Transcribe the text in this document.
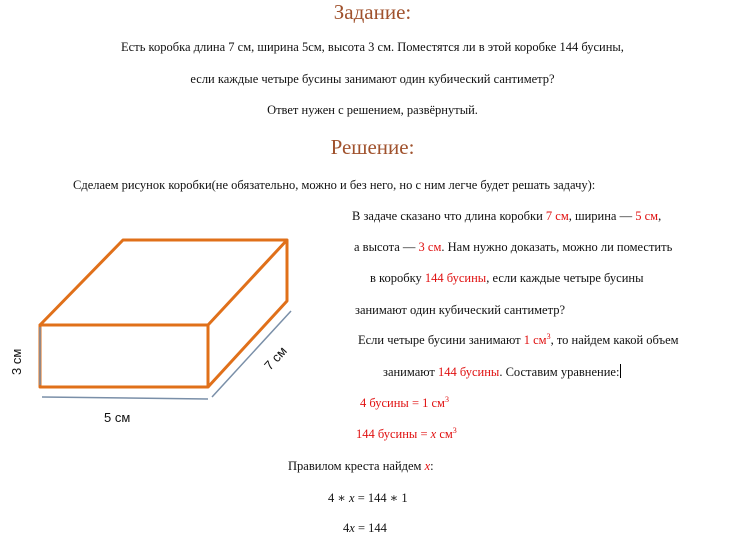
Задание:
Есть коробка длина 7 см, ширина 5см, высота 3 см. Поместятся ли в этой коробке 144 бусины,
если каждые четыре бусины занимают один кубический сантиметр?
Ответ нужен с решением, развёрнутый.
Решение:
Сделаем рисунок коробки(не обязательно, можно и без него, но с ним легче будет решать задачу):
3 см
5 см
7 см
В задаче сказано что длина коробки 7 см, ширина — 5 см,
а высота — 3 см. Нам нужно доказать, можно ли поместить
в коробку 144 бусины, если каждые четыре бусины
занимают один кубический сантиметр?
Если четыре бусини занимают 1 $см^3$, то найдем какой объем
занимают 144 бусины. Составим уравнение:
4 бусины = 1 $см^3$
144 бусины = x $см^3$
Правилом креста найдем x:
4 ∗ x = 144 ∗ 1
4x = 144
